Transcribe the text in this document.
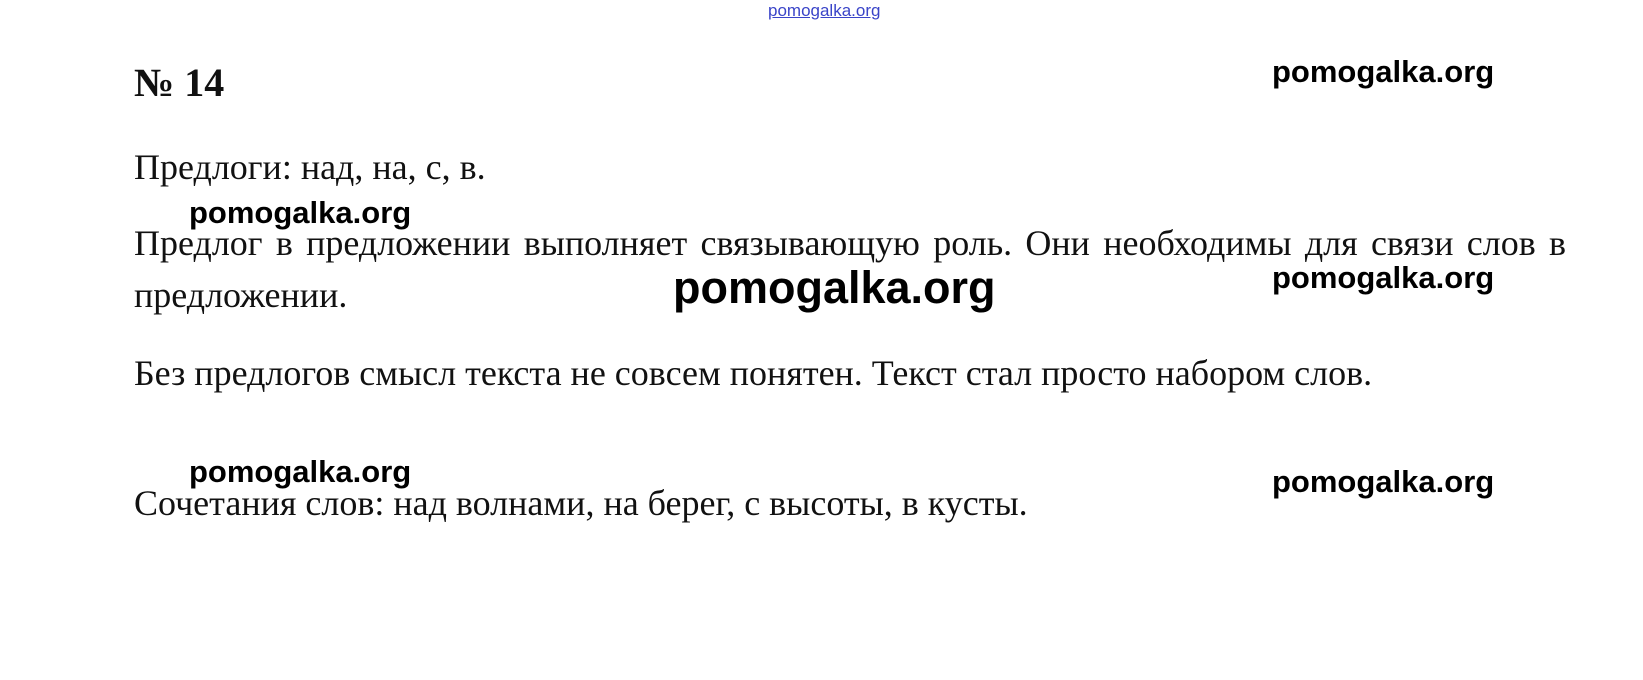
pomogalka.org
№ 14

Предлоги: над, на, с, в.

Предлог в предложении выполняет связывающую роль. Они необходимы для связи слов в предложении.

Без предлогов смысл текста не совсем понятен. Текст стал просто набором слов.

Сочетания слов: над волнами, на берег, с высоты, в кусты.

pomogalka.org
pomogalka.org
pomogalka.org	pomogalka.org
pomogalka.org	pomogalka.org
